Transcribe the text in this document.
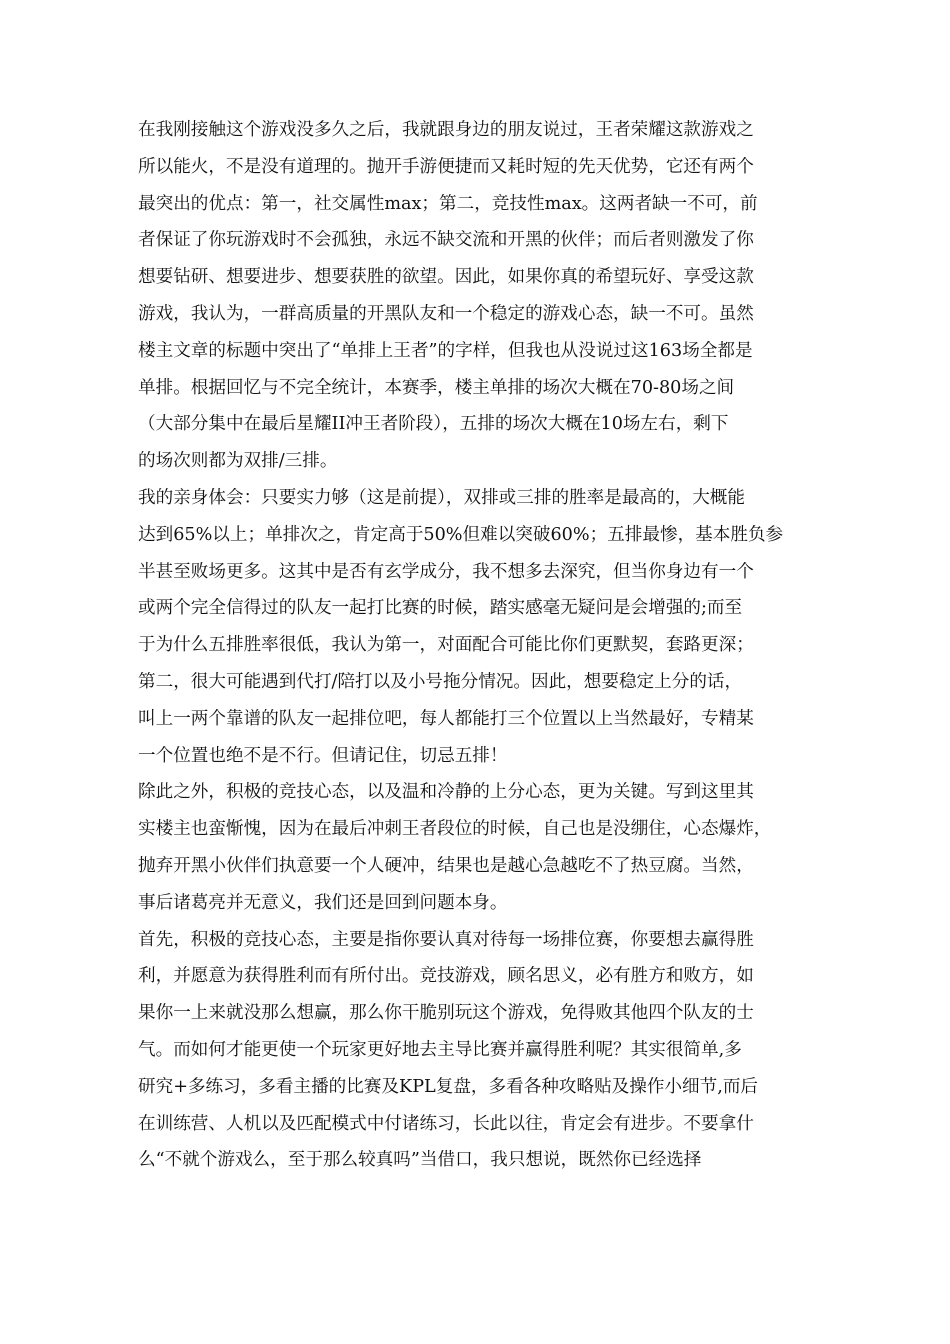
在我刚接触这个游戏没多久之后，我就跟身边的朋友说过，王者荣耀这款游戏之
所以能火，不是没有道理的。抛开手游便捷而又耗时短的先天优势，它还有两个
最突出的优点：第一，社交属性max；第二，竞技性max。这两者缺一不可，前
者保证了你玩游戏时不会孤独，永远不缺交流和开黑的伙伴；而后者则激发了你
想要钻研、想要进步、想要获胜的欲望。因此，如果你真的希望玩好、享受这款
游戏，我认为，一群高质量的开黑队友和一个稳定的游戏心态，缺一不可。虽然
楼主文章的标题中突出了“单排上王者”的字样，但我也从没说过这163场全都是
单排。根据回忆与不完全统计，本赛季，楼主单排的场次大概在70-80场之间
（大部分集中在最后星耀II冲王者阶段），五排的场次大概在10场左右，剩下
的场次则都为双排/三排。
我的亲身体会：只要实力够（这是前提），双排或三排的胜率是最高的，大概能
达到65%以上；单排次之，肯定高于50%但难以突破60%；五排最惨，基本胜负参
半甚至败场更多。这其中是否有玄学成分，我不想多去深究，但当你身边有一个
或两个完全信得过的队友一起打比赛的时候，踏实感毫无疑问是会增强的;而至
于为什么五排胜率很低，我认为第一，对面配合可能比你们更默契，套路更深；
第二，很大可能遇到代打/陪打以及小号拖分情况。因此，想要稳定上分的话，
叫上一两个靠谱的队友一起排位吧，每人都能打三个位置以上当然最好，专精某
一个位置也绝不是不行。但请记住，切忌五排！
除此之外，积极的竞技心态，以及温和冷静的上分心态，更为关键。写到这里其
实楼主也蛮惭愧，因为在最后冲刺王者段位的时候，自己也是没绷住，心态爆炸，
抛弃开黑小伙伴们执意要一个人硬冲，结果也是越心急越吃不了热豆腐。当然，
事后诸葛亮并无意义，我们还是回到问题本身。
首先，积极的竞技心态，主要是指你要认真对待每一场排位赛，你要想去赢得胜
利，并愿意为获得胜利而有所付出。竞技游戏，顾名思义，必有胜方和败方，如
果你一上来就没那么想赢，那么你干脆别玩这个游戏，免得败其他四个队友的士
气。而如何才能更使一个玩家更好地去主导比赛并赢得胜利呢？其实很简单,多
研究+多练习，多看主播的比赛及KPL复盘，多看各种攻略贴及操作小细节,而后
在训练营、人机以及匹配模式中付诸练习，长此以往，肯定会有进步。不要拿什
么“不就个游戏么，至于那么较真吗”当借口，我只想说，既然你已经选择
